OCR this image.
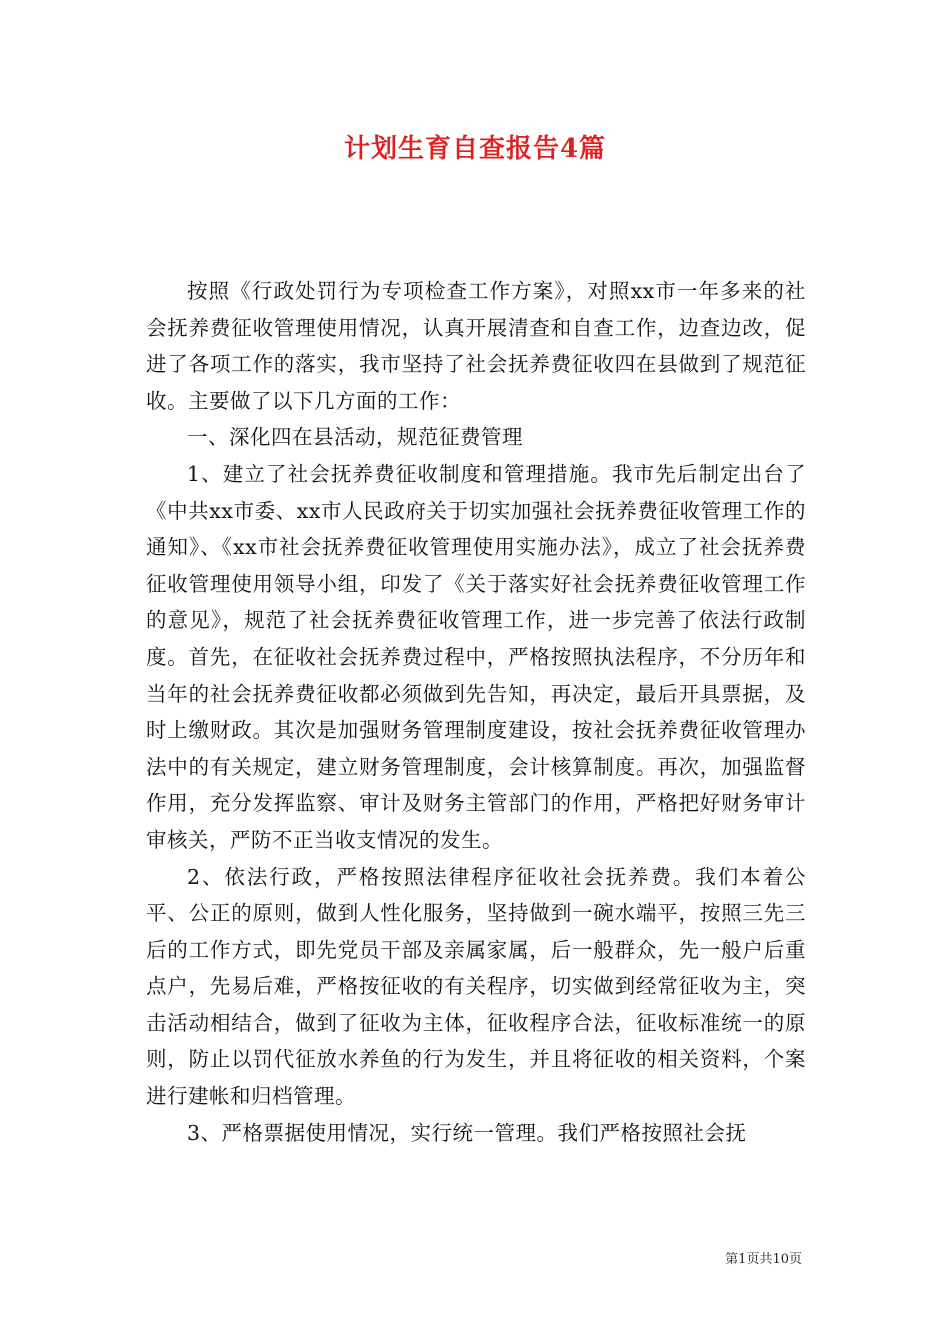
计划生育自查报告4篇

按照《行政处罚行为专项检查工作方案》，对照xx市一年多来的社会抚养费征收管理使用情况，认真开展清查和自查工作，边查边改，促进了各项工作的落实，我市坚持了社会抚养费征收四在县做到了规范征收。主要做了以下几方面的工作：

一、深化四在县活动，规范征费管理

1、建立了社会抚养费征收制度和管理措施。我市先后制定出台了《中共xx市委、xx市人民政府关于切实加强社会抚养费征收管理工作的通知》、《xx市社会抚养费征收管理使用实施办法》，成立了社会抚养费征收管理使用领导小组，印发了《关于落实好社会抚养费征收管理工作的意见》，规范了社会抚养费征收管理工作，进一步完善了依法行政制度。首先，在征收社会抚养费过程中，严格按照执法程序，不分历年和当年的社会抚养费征收都必须做到先告知，再决定，最后开具票据，及时上缴财政。其次是加强财务管理制度建设，按社会抚养费征收管理办法中的有关规定，建立财务管理制度，会计核算制度。再次，加强监督作用，充分发挥监察、审计及财务主管部门的作用，严格把好财务审计审核关，严防不正当收支情况的发生。

2、依法行政，严格按照法律程序征收社会抚养费。我们本着公平、公正的原则，做到人性化服务，坚持做到一碗水端平，按照三先三后的工作方式，即先党员干部及亲属家属，后一般群众，先一般户后重点户，先易后难，严格按征收的有关程序，切实做到经常征收为主，突击活动相结合，做到了征收为主体，征收程序合法，征收标准统一的原则，防止以罚代征放水养鱼的行为发生，并且将征收的相关资料，个案进行建帐和归档管理。

3、严格票据使用情况，实行统一管理。我们严格按照社会抚

第1页共10页
